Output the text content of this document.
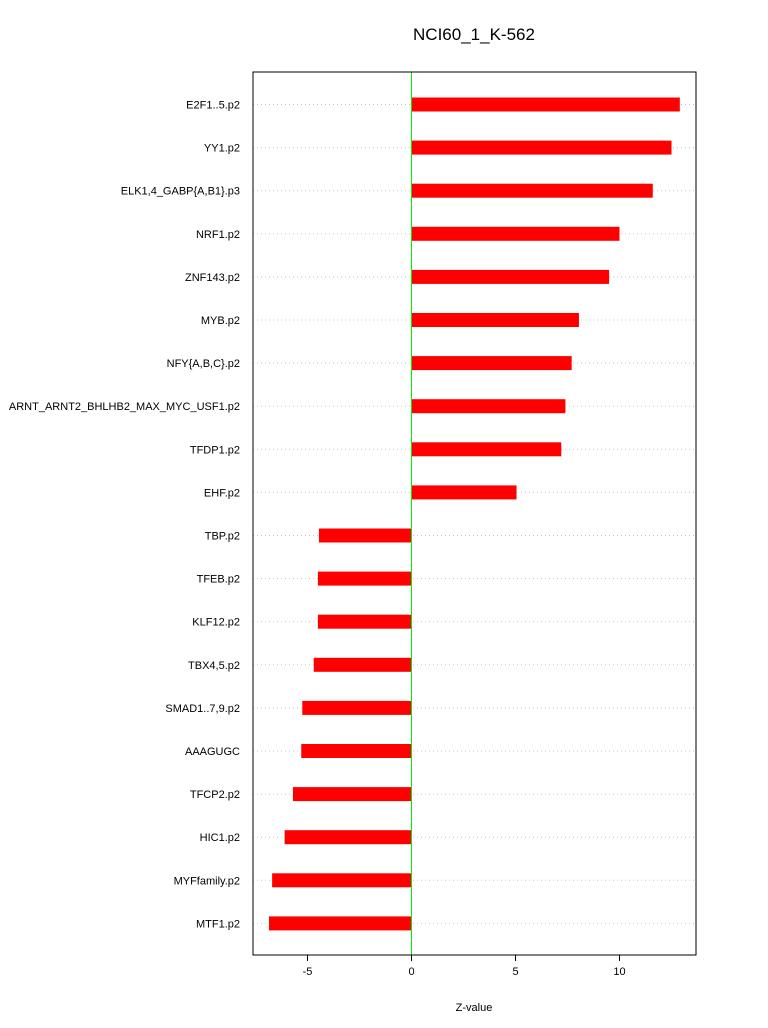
NCI60_1_K-562
E2F1..5.p2
YY1.p2
ELK1,4_GABP{A,B1}.p3
NRF1.p2
ZNF143.p2
MYB.p2
NFY{A,B,C}.p2
ARNT_ARNT2_BHLHB2_MAX_MYC_USF1.p2
TFDP1.p2
EHF.p2
TBP.p2
TFEB.p2
KLF12.p2
TBX4,5.p2
SMAD1..7,9.p2
AAAGUGC
TFCP2.p2
HIC1.p2
MYFfamily.p2
MTF1.p2
-5	0	5	10
Z-value
